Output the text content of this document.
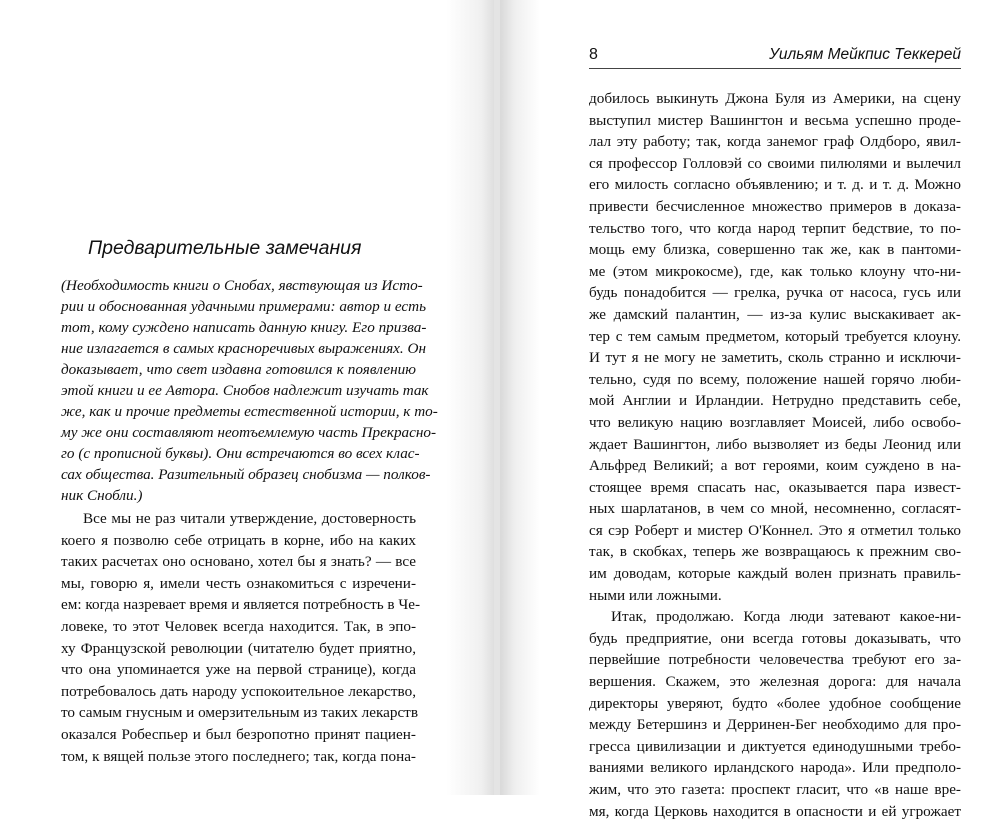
Предварительные замечания
(Необходимость книги о Снобах, явствующая из Исто-
рии и обоснованная удачными примерами: автор и есть
тот, кому суждено написать данную книгу. Его призва-
ние излагается в самых красноречивых выражениях. Он
доказывает, что свет издавна готовился к появлению
этой книги и ее Автора. Снобов надлежит изучать так
же, как и прочие предметы естественной истории, к то-
му же они составляют неотъемлемую часть Прекрасно-
го (с прописной буквы). Они встречаются во всех клас-
сах общества. Разительный образец снобизма — полков-
ник Снобли.)
Все мы не раз читали утверждение, достоверность
коего я позволю себе отрицать в корне, ибо на каких
таких расчетах оно основано, хотел бы я знать? — все
мы, говорю я, имели честь ознакомиться с изречени-
ем: когда назревает время и является потребность в Че-
ловеке, то этот Человек всегда находится. Так, в эпо-
ху Французской революции (читателю будет приятно,
что она упоминается уже на первой странице), когда
потребовалось дать народу успокоительное лекарство,
то самым гнусным и омерзительным из таких лекарств
оказался Робеспьер и был безропотно принят пациен-
том, к вящей пользе этого последнего; так, когда пона-
8	Уильям Мейкпис Теккерей
добилось выкинуть Джона Буля из Америки, на сцену
выступил мистер Вашингтон и весьма успешно проде-
лал эту работу; так, когда занемог граф Олдборо, явил-
ся профессор Голловэй со своими пилюлями и вылечил
его милость согласно объявлению; и т. д. и т. д. Можно
привести бесчисленное множество примеров в доказа-
тельство того, что когда народ терпит бедствие, то по-
мощь ему близка, совершенно так же, как в пантоми-
ме (этом микрокосме), где, как только клоуну что-ни-
будь понадобится — грелка, ручка от насоса, гусь или
же дамский палантин, — из-за кулис выскакивает ак-
тер с тем самым предметом, который требуется клоуну.
И тут я не могу не заметить, сколь странно и исключи-
тельно, судя по всему, положение нашей горячо люби-
мой Англии и Ирландии. Нетрудно представить себе,
что великую нацию возглавляет Моисей, либо освобо-
ждает Вашингтон, либо вызволяет из беды Леонид или
Альфред Великий; а вот героями, коим суждено в на-
стоящее время спасать нас, оказывается пара извест-
ных шарлатанов, в чем со мной, несомненно, согласят-
ся сэр Роберт и мистер О'Коннел. Это я отметил только
так, в скобках, теперь же возвращаюсь к прежним сво-
им доводам, которые каждый волен признать правиль-
ными или ложными.
Итак, продолжаю. Когда люди затевают какое-ни-
будь предприятие, они всегда готовы доказывать, что
первейшие потребности человечества требуют его за-
вершения. Скажем, это железная дорога: для начала
директоры уверяют, будто «более удобное сообщение
между Бетершинз и Дерринен-Бег необходимо для про-
гресса цивилизации и диктуется единодушными требо-
ваниями великого ирландского народа». Или предполо-
жим, что это газета: проспект гласит, что «в наше вре-
мя, когда Церковь находится в опасности и ей угрожает
